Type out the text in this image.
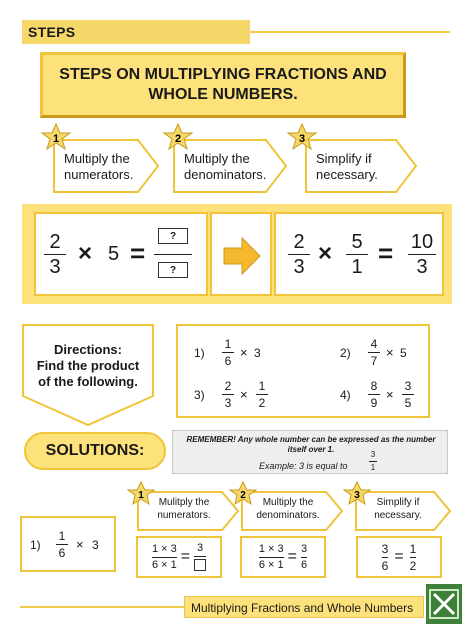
STEPS
STEPS ON MULTIPLYING FRACTIONS AND
WHOLE NUMBERS.
1
Multiply the
numerators.
2
Multiply the
denominators.
3
Simplify if
necessary.
2
3 × 5 =
?
?
2
3 × 5
1 = 10
3
Directions:
Find the product
of the following.
1)
1
6
× 3	2)
4
7
× 5
3)
2
3
×
1
2
4)
8
9
×
3
5
SOLUTIONS:
REMEMBER! Any whole number can be expressed as the number itself over 1.
Example: 3 is equal to
3
1
1
Mulitply the
numerators.
2
Multiply the
denominators.
3
Simplify if
necessary.
1)
1
6
× 3	$\frac{1 \times 3}{6 \times 1} = 3$	$\frac{1 \times 3}{6 \times 1} = \frac{3}{6}$	$\frac{3}{6} = \frac{1}{2}$
Multiplying Fractions and Whole Numbers
